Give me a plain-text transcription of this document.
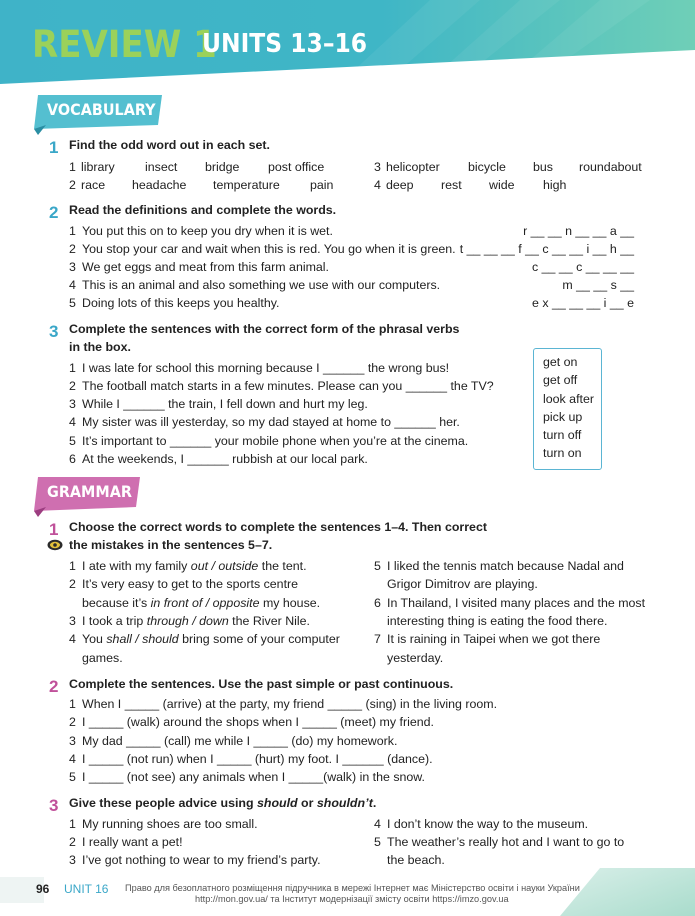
REVIEW 1
UNITS 13–16
VOCABULARY
1 Find the odd word out in each set.
1 library insect bridge post office
2 race headache temperature pain
3 helicopter bicycle bus roundabout
4 deep rest wide high
2 Read the definitions and complete the words.
1 You put this on to keep you dry when it is wet.
2 You stop your car and wait when this is red. You go when it is green.
3 We get eggs and meat from this farm animal.
4 This is an animal and also something we use with our computers.
5 Doing lots of this keeps you healthy.
r __ __ n __ __ a __
t __ __ __ f __ c __ __ i __ h __
c __ __ c __ __ __
m __ __ s __
e x __ __ __ i __ e
3 Complete the sentences with the correct form of the phrasal verbs
in the box.
1 I was late for school this morning because I ______ the wrong bus!
2 The football match starts in a few minutes. Please can you ______ the TV?
3 While I ______ the train, I fell down and hurt my leg.
4 My sister was ill yesterday, so my dad stayed at home to ______ her.
5 It’s important to ______ your mobile phone when you’re at the cinema.
6 At the weekends, I ______ rubbish at our local park.
get on
get off
look after
pick up
turn off
turn on
GRAMMAR
1 Choose the correct words to complete the sentences 1–4. Then correct
the mistakes in the sentences 5–7.
1 I ate with my family out / outside the tent.
2 It’s very easy to get to the sports centre
because it’s in front of / opposite my house.
3 I took a trip through / down the River Nile.
4 You shall / should bring some of your computer
games.
5 I liked the tennis match because Nadal and
Grigor Dimitrov are playing.
6 In Thailand, I visited many places and the most
interesting thing is eating the food there.
7 It is raining in Taipei when we got there
yesterday.
2 Complete the sentences. Use the past simple or past continuous.
1 When I _____ (arrive) at the party, my friend _____ (sing) in the living room.
2 I _____ (walk) around the shops when I _____ (meet) my friend.
3 My dad _____ (call) me while I _____ (do) my homework.
4 I _____ (not run) when I _____ (hurt) my foot. I ______ (dance).
5 I _____ (not see) any animals when I _____(walk) in the snow.
3 Give these people advice using should or shouldn’t.
1 My running shoes are too small.
2 I really want a pet!
3 I’ve got nothing to wear to my friend’s party.
4 I don’t know the way to the museum.
5 The weather’s really hot and I want to go to
the beach.
96 UNIT 16 Право для безоплатного розміщення підручника в мережі Інтернет має Міністерство освіти і науки України
http://mon.gov.ua/ та Інститут модернізації змісту освіти https://imzo.gov.ua
